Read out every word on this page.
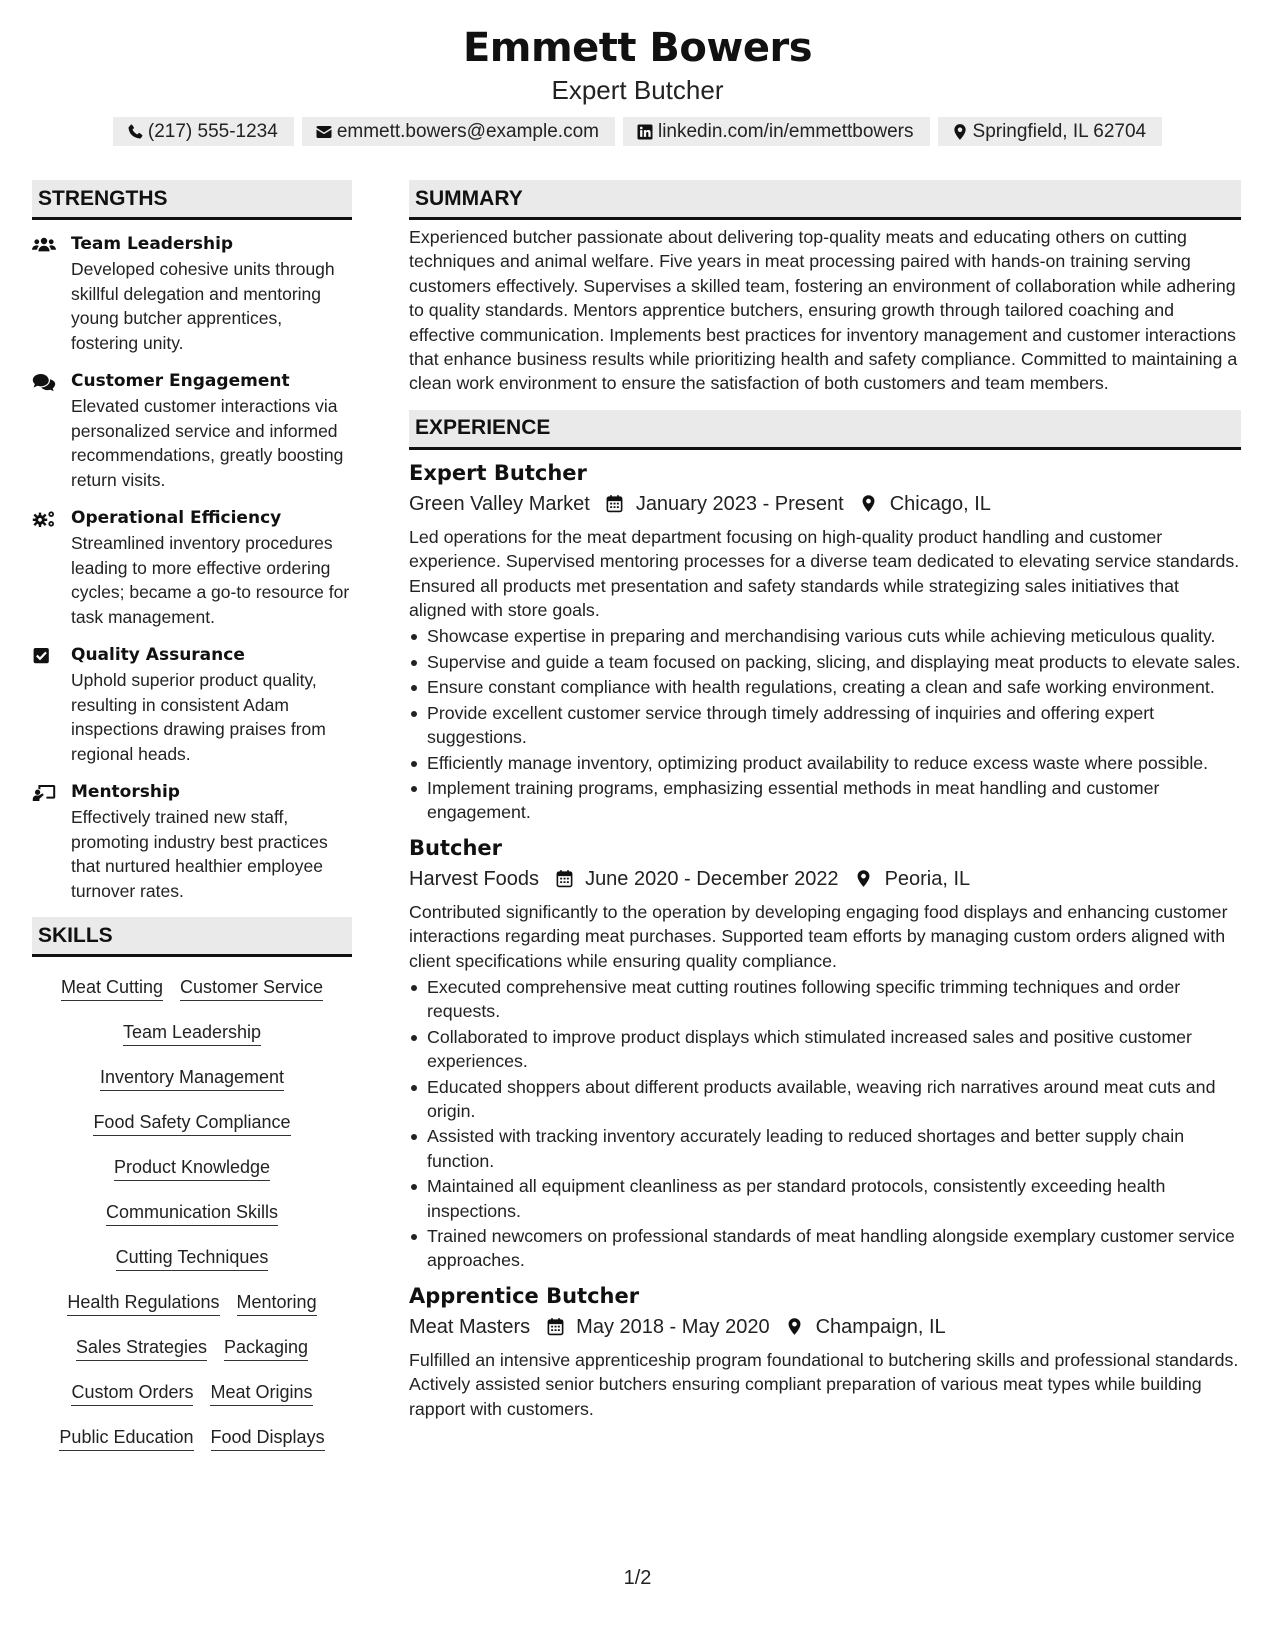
Emmett Bowers
Expert Butcher
(217) 555-1234	emmett.bowers@example.com	linkedin.com/in/emmettbowers	Springfield, IL 62704
STRENGTHS
Team Leadership
Developed cohesive units through skillful delegation and mentoring young butcher apprentices, fostering unity.
Customer Engagement
Elevated customer interactions via personalized service and informed recommendations, greatly boosting return visits.
Operational Efficiency
Streamlined inventory procedures leading to more effective ordering cycles; became a go-to resource for task management.
Quality Assurance
Uphold superior product quality, resulting in consistent Adam inspections drawing praises from regional heads.
Mentorship
Effectively trained new staff, promoting industry best practices that nurtured healthier employee turnover rates.
SKILLS
Meat Cutting Customer Service
Team Leadership
Inventory Management
Food Safety Compliance
Product Knowledge
Communication Skills
Cutting Techniques
Health Regulations Mentoring
Sales Strategies Packaging
Custom Orders Meat Origins
Public Education Food Displays
SUMMARY
Experienced butcher passionate about delivering top-quality meats and educating others on cutting techniques and animal welfare. Five years in meat processing paired with hands-on training serving customers effectively. Supervises a skilled team, fostering an environment of collaboration while adhering to quality standards. Mentors apprentice butchers, ensuring growth through tailored coaching and effective communication. Implements best practices for inventory management and customer interactions that enhance business results while prioritizing health and safety compliance. Committed to maintaining a clean work environment to ensure the satisfaction of both customers and team members.
EXPERIENCE
Expert Butcher
Green Valley Market January 2023 - Present Chicago, IL
Led operations for the meat department focusing on high-quality product handling and customer experience. Supervised mentoring processes for a diverse team dedicated to elevating service standards. Ensured all products met presentation and safety standards while strategizing sales initiatives that aligned with store goals.
Showcase expertise in preparing and merchandising various cuts while achieving meticulous quality.
Supervise and guide a team focused on packing, slicing, and displaying meat products to elevate sales.
Ensure constant compliance with health regulations, creating a clean and safe working environment.
Provide excellent customer service through timely addressing of inquiries and offering expert suggestions.
Efficiently manage inventory, optimizing product availability to reduce excess waste where possible.
Implement training programs, emphasizing essential methods in meat handling and customer engagement.
Butcher
Harvest Foods June 2020 - December 2022 Peoria, IL
Contributed significantly to the operation by developing engaging food displays and enhancing customer interactions regarding meat purchases. Supported team efforts by managing custom orders aligned with client specifications while ensuring quality compliance.
Executed comprehensive meat cutting routines following specific trimming techniques and order requests.
Collaborated to improve product displays which stimulated increased sales and positive customer experiences.
Educated shoppers about different products available, weaving rich narratives around meat cuts and origin.
Assisted with tracking inventory accurately leading to reduced shortages and better supply chain function.
Maintained all equipment cleanliness as per standard protocols, consistently exceeding health inspections.
Trained newcomers on professional standards of meat handling alongside exemplary customer service approaches.
Apprentice Butcher
Meat Masters May 2018 - May 2020 Champaign, IL
Fulfilled an intensive apprenticeship program foundational to butchering skills and professional standards. Actively assisted senior butchers ensuring compliant preparation of various meat types while building rapport with customers.
1/2
